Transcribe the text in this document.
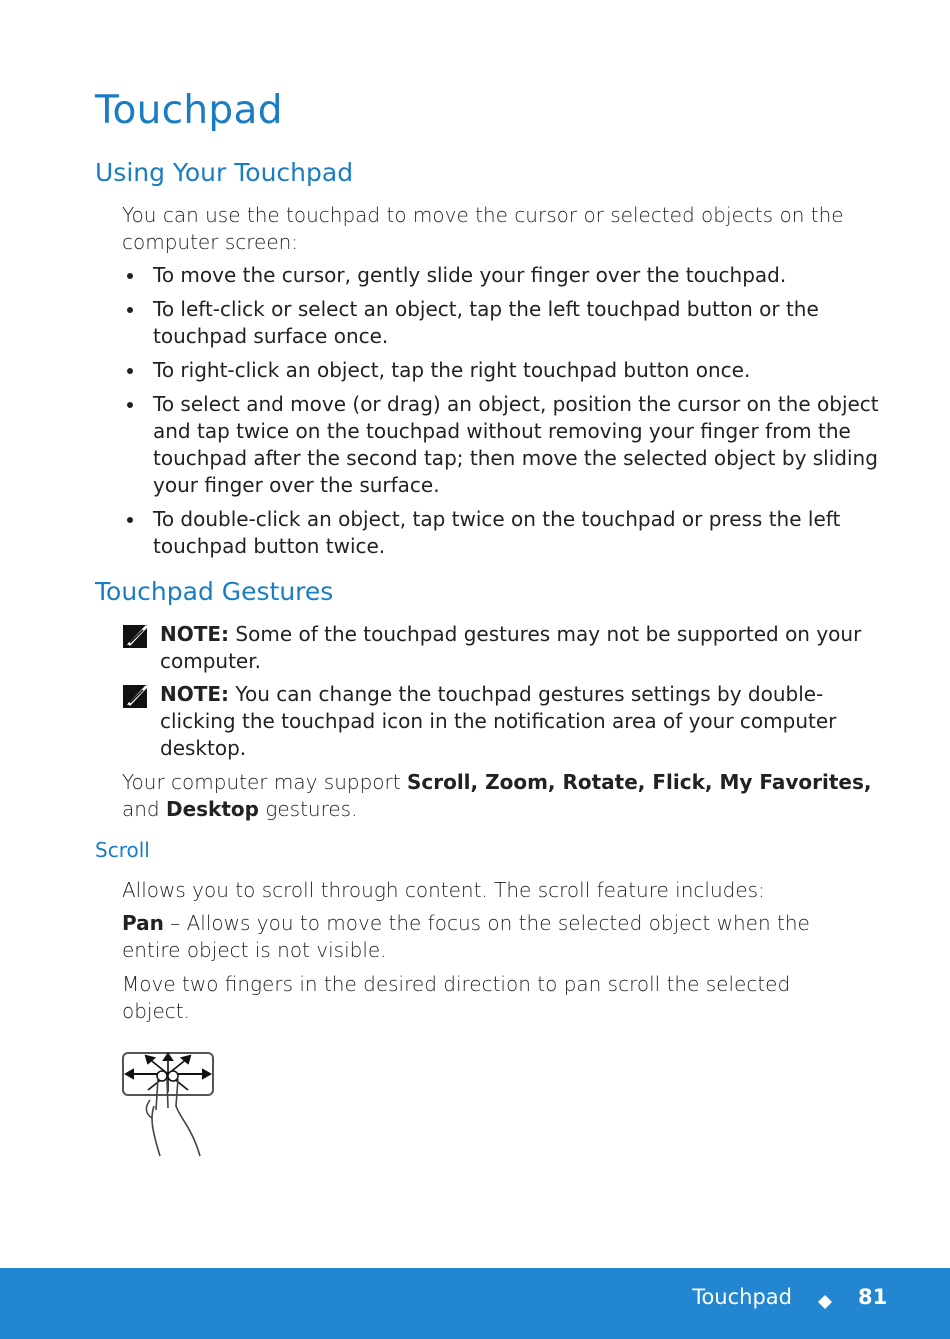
Touchpad
Using Your Touchpad

You can use the touchpad to move the cursor or selected objects on the computer screen:

To move the cursor, gently slide your finger over the touchpad.
To left-click or select an object, tap the left touchpad button or the touchpad surface once.
To right-click an object, tap the right touchpad button once.
To select and move (or drag) an object, position the cursor on the object and tap twice on the touchpad without removing your finger from the touchpad after the second tap; then move the selected object by sliding your finger over the surface.
To double-click an object, tap twice on the touchpad or press the left touchpad button twice.
Touchpad Gestures
NOTE: Some of the touchpad gestures may not be supported on your computer.
NOTE: You can change the touchpad gestures settings by double-clicking the touchpad icon in the notification area of your computer desktop.

Your computer may support Scroll, Zoom, Rotate, Flick, My Favorites, and Desktop gestures.

Scroll

Allows you to scroll through content. The scroll feature includes:

Pan – Allows you to move the focus on the selected object when the entire object is not visible.

Move two fingers in the desired direction to pan scroll the selected object.

Touchpad	81
